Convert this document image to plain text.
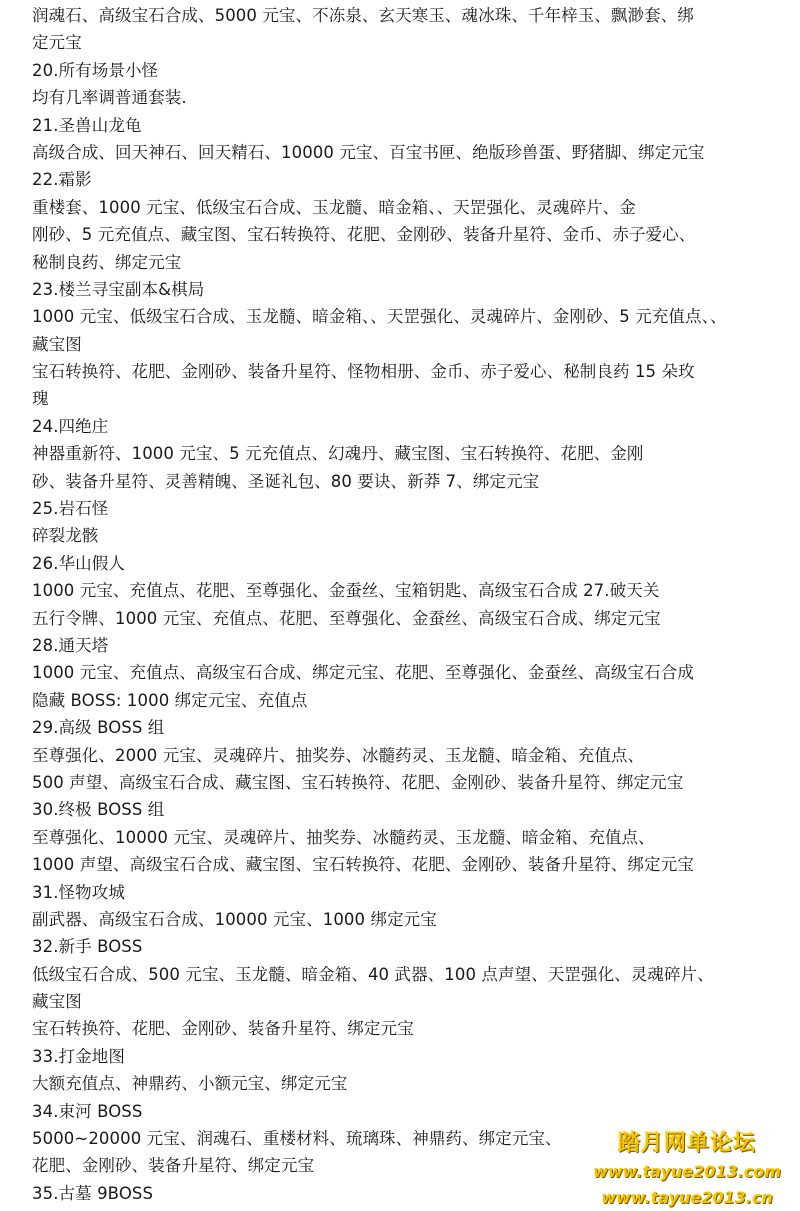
润魂石、高级宝石合成、5000 元宝、不冻泉、玄天寒玉、魂冰珠、千年梓玉、飘渺套、绑
定元宝
20.所有场景小怪
均有几率调普通套装.
21.圣兽山龙龟
高级合成、回天神石、回天精石、10000 元宝、百宝书匣、绝版珍兽蛋、野猪脚、绑定元宝
22.霜影
重楼套、1000 元宝、低级宝石合成、玉龙髓、暗金箱、、天罡强化、灵魂碎片、金
刚砂、5 元充值点、藏宝图、宝石转换符、花肥、金刚砂、装备升星符、金币、赤子爱心、
秘制良药、绑定元宝
23.楼兰寻宝副本&棋局
1000 元宝、低级宝石合成、玉龙髓、暗金箱、、天罡强化、灵魂碎片、金刚砂、5 元充值点、、
藏宝图
宝石转换符、花肥、金刚砂、装备升星符、怪物相册、金币、赤子爱心、秘制良药 15 朵玫
瑰
24.四绝庄
神器重新符、1000 元宝、5 元充值点、幻魂丹、藏宝图、宝石转换符、花肥、金刚
砂、装备升星符、灵善精魄、圣诞礼包、80 要诀、新莽 7、绑定元宝
25.岩石怪
碎裂龙骸
26.华山假人
1000 元宝、充值点、花肥、至尊强化、金蚕丝、宝箱钥匙、高级宝石合成 27.破天关
五行令牌、1000 元宝、充值点、花肥、至尊强化、金蚕丝、高级宝石合成、绑定元宝
28.通天塔
1000 元宝、充值点、高级宝石合成、绑定元宝、花肥、至尊强化、金蚕丝、高级宝石合成
隐藏 BOSS: 1000 绑定元宝、充值点
29.高级 BOSS 组
至尊强化、2000 元宝、灵魂碎片、抽奖券、冰髓药灵、玉龙髓、暗金箱、充值点、
500 声望、高级宝石合成、藏宝图、宝石转换符、花肥、金刚砂、装备升星符、绑定元宝
30.终极 BOSS 组
至尊强化、10000 元宝、灵魂碎片、抽奖券、冰髓药灵、玉龙髓、暗金箱、充值点、
1000 声望、高级宝石合成、藏宝图、宝石转换符、花肥、金刚砂、装备升星符、绑定元宝
31.怪物攻城
副武器、高级宝石合成、10000 元宝、1000 绑定元宝
32.新手 BOSS
低级宝石合成、500 元宝、玉龙髓、暗金箱、40 武器、100 点声望、天罡强化、灵魂碎片、
藏宝图
宝石转换符、花肥、金刚砂、装备升星符、绑定元宝
33.打金地图
大额充值点、神鼎药、小额元宝、绑定元宝
34.束河 BOSS
5000~20000 元宝、润魂石、重楼材料、琉璃珠、神鼎药、绑定元宝、
花肥、金刚砂、装备升星符、绑定元宝
35.古墓 9BOSS
踏月网单论坛
www.tayue2013.com
www.tayue2013.cn
